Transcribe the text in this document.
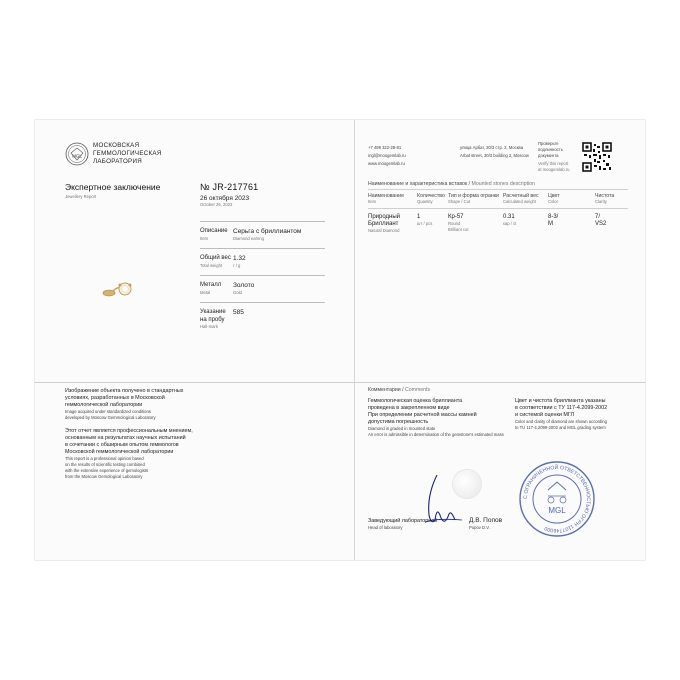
MGL
МОСКОВСКАЯ
ГЕММОЛОГИЧЕСКАЯ
ЛАБОРАТОРИЯ
Экспертное заключение
Jewellery Report
№ JR-217761
26 октября 2023
October 26, 2023
Описание
Item
Серьга с бриллиантом
Diamond earring
Общий вес
Total weight
1.32
г / g
Металл
Metal
Золото
Gold
Указание
на пробу
Hall-mark
585
Изображение объекта получено в стандартных
условиях, разработанных в Московской
геммологической лаборатории
Image acquired under standardized conditions
developed by Moscow Gemmological Laboratory
Этот отчет является профессиональным мнением,
основанным на результатах научных испытаний
в сочетании с обширным опытом геммологов
Московской геммологической лаборатории
This report is a professional opinion based
on the results of scientific testing combined
with the extensive experience of gemologists
from the Moscow Gemological Laboratory
+7 499 322-28-81
mgl@moogemlab.ru
www.moogemlab.ru
улица Арбат, 30/3 стр. 2, Москва
Arbat street, 30/3 building 2, Moscow
Проверьте
подлинность
документа
Verify this report
at moogemlab.ru
Наименование и характеристика вставок / Mounted stones description
Наименование
Item
Количество
Quantity
Тип и форма огранки
Shape / Cut
Расчетный вес
Calculated weight
Цвет
Color
Чистота
Clarity
Природный
Бриллиант
Natural Diamond
1
шт / pcs
Кр-57
Round
Brilliant cut
0.31
кар / ct
8-3/
M
7/
VS2
Комментарии / Comments
Геммологическая оценка бриллианта
проведена в закрепленном виде
При определении расчетной массы камней
допустима погрешность
Diamond is graded in mounted state
An error is admissible in determination of the gemstone's estimated mass
Цвет и чистота бриллианта указаны
в соответствии с ТУ 117-4.2099-2002
и системой оценки МГЛ
Color and clarity of diamond are shown according
to TU 117-4.2099-2002 and MGL grading system
Заведующий лабораторией
Head of laboratory
Д.В. Попов
Popov D.V.
С ОГРАНИЧЕННОЙ ОТВЕТСТВЕННОСТЬЮ ОГРН 1107746000
MGL
